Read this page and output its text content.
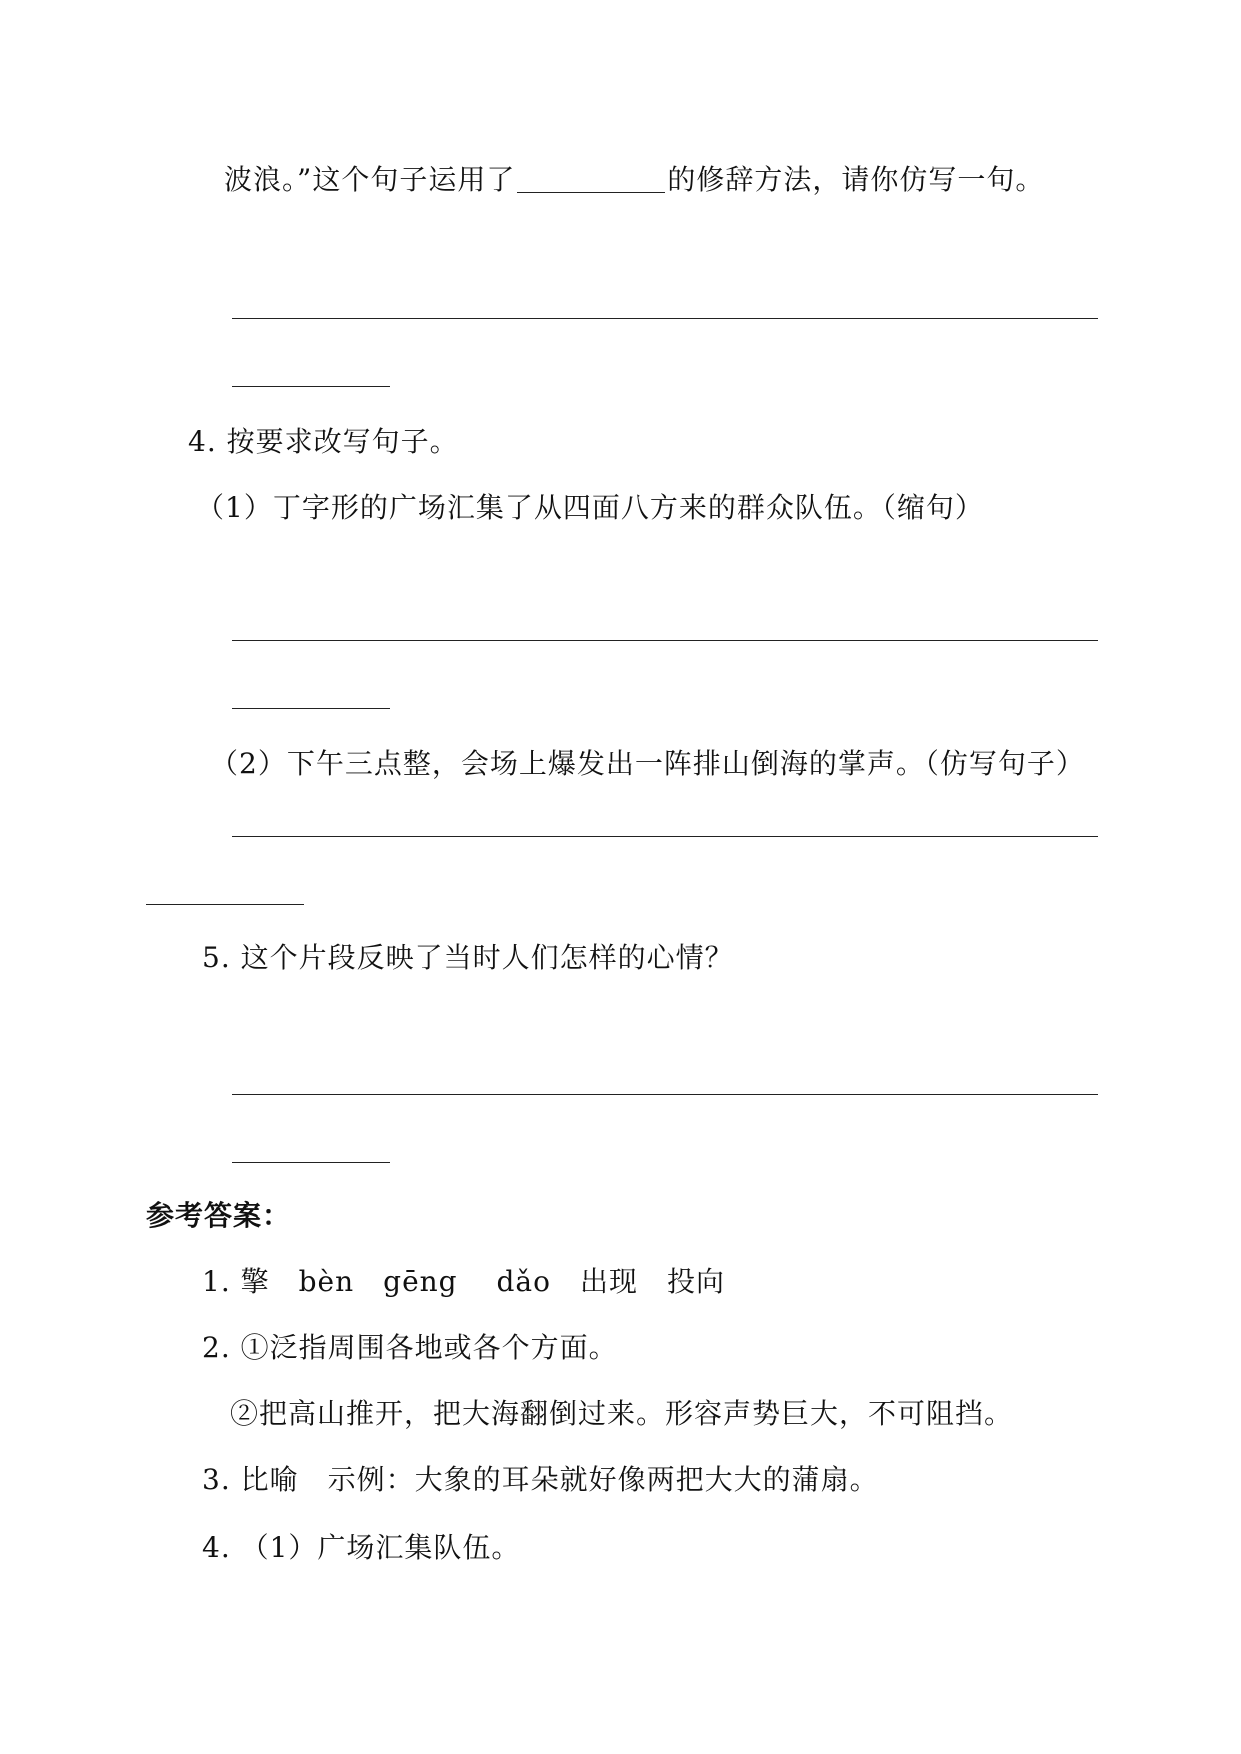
波浪。”这个句子运用了	的修辞方法，请你仿写一句。
4. 按要求改写句子。
（1）丁字形的广场汇集了从四面八方来的群众队伍。（缩句）
（2）下午三点整，会场上爆发出一阵排山倒海的掌声。（仿写句子）
5. 这个片段反映了当时人们怎样的心情？
参考答案：
1. 擎　bèn　gēng　 dǎo　出现　投向
2. ①泛指周围各地或各个方面。
②把高山推开，把大海翻倒过来。形容声势巨大，不可阻挡。
3. 比喻　示例：大象的耳朵就好像两把大大的蒲扇。
4. （1）广场汇集队伍。
